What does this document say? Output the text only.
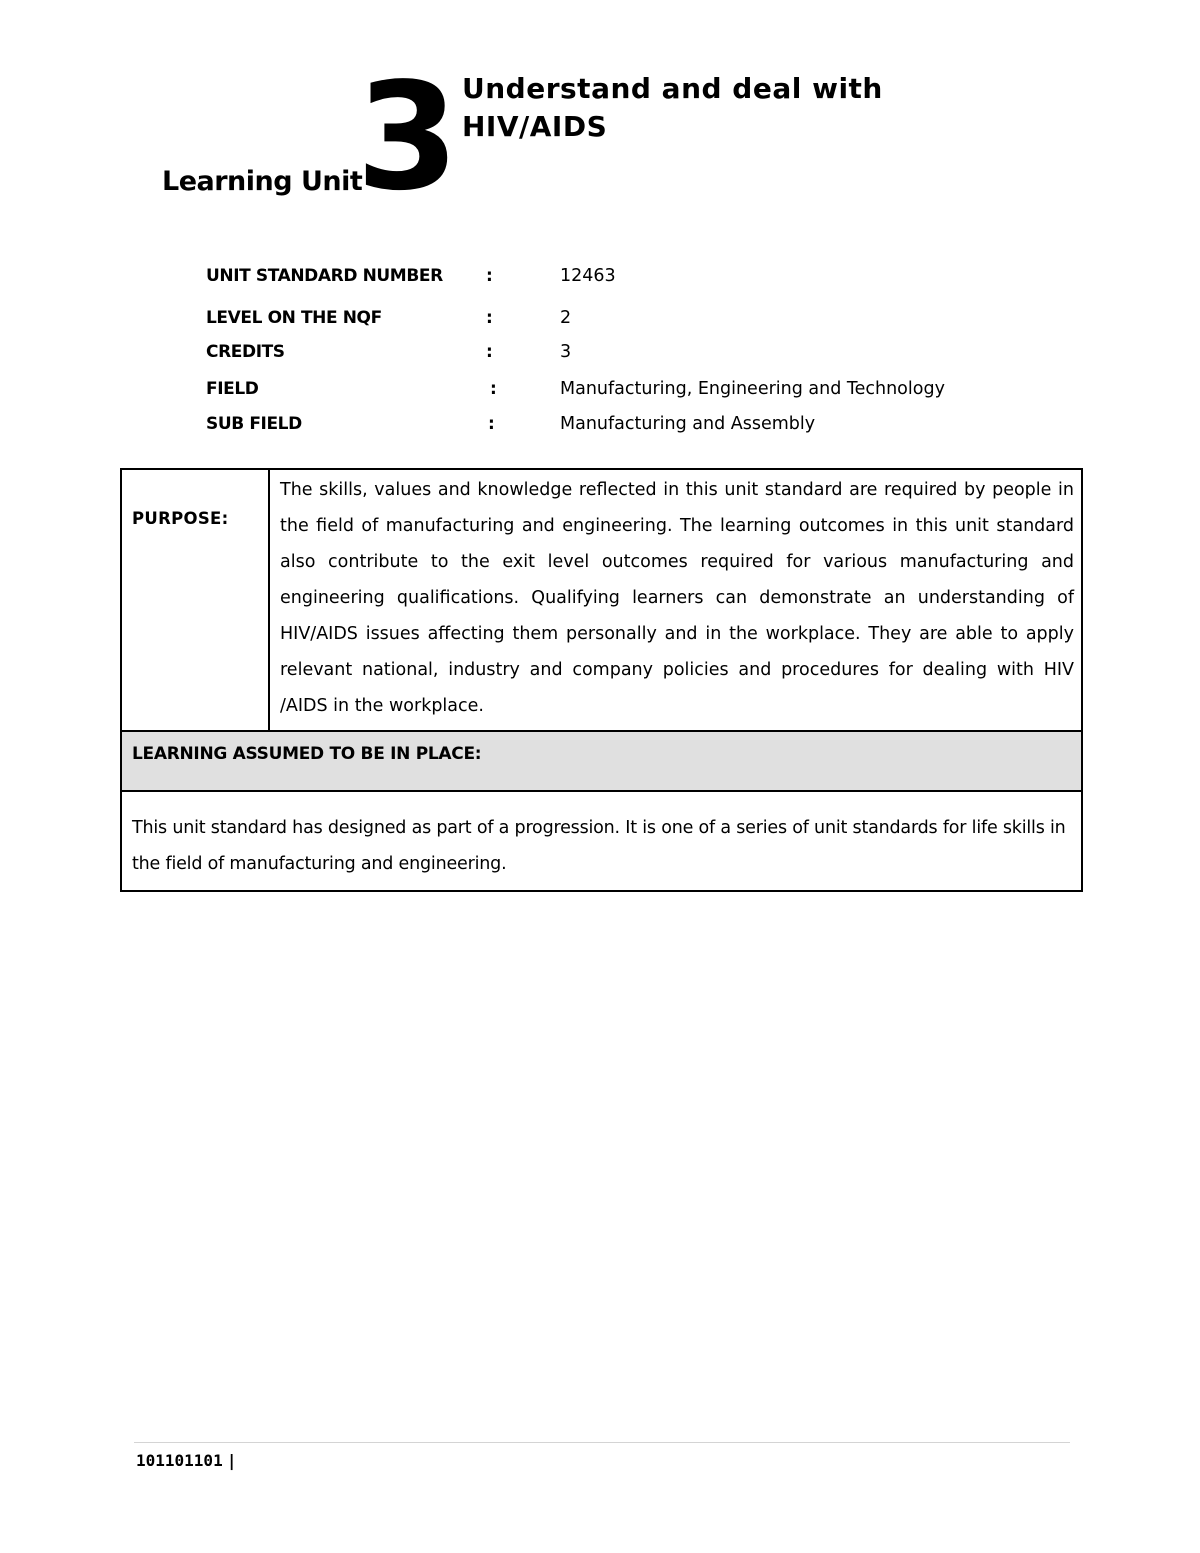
Learning Unit
3 Understand and deal with
HIV/AIDS
UNIT STANDARD NUMBER	:	12463
LEVEL ON THE NQF	:	2
CREDITS	:	3
FIELD	:	Manufacturing, Engineering and Technology
SUB FIELD	:	Manufacturing and Assembly
PURPOSE:

The skills, values and knowledge reflected in this unit standard are required by people in the field of manufacturing and engineering. The learning outcomes in this unit standard also contribute to the exit level outcomes required for various manufacturing and engineering qualifications. Qualifying learners can demonstrate an understanding of HIV/AIDS issues affecting them personally and in the workplace. They are able to apply relevant national, industry and company policies and procedures for dealing with HIV /AIDS in the workplace.

LEARNING ASSUMED TO BE IN PLACE:

This unit standard has designed as part of a progression. It is one of a series of unit standards for life skills in the field of manufacturing and engineering.
101101101 |
